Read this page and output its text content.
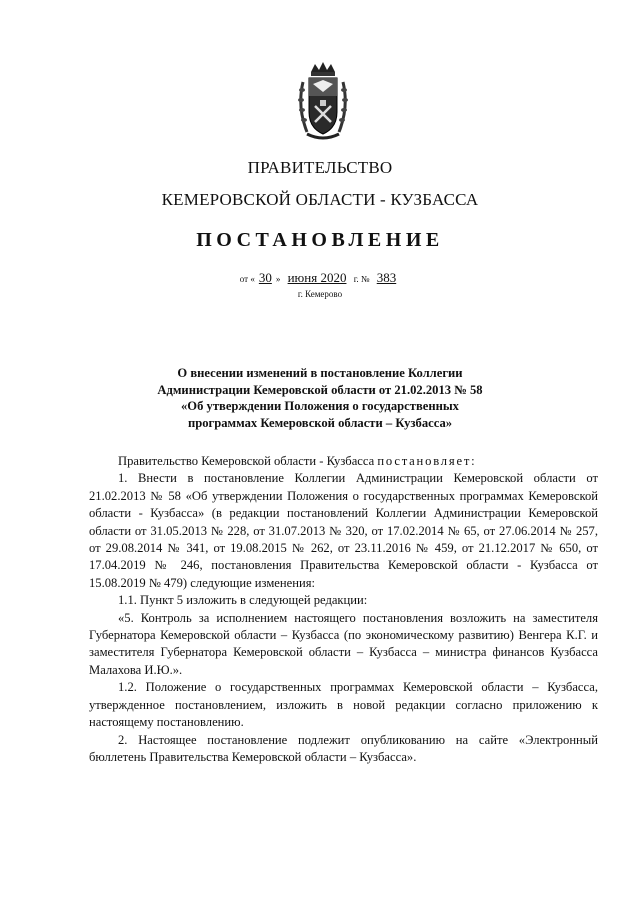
ПРАВИТЕЛЬСТВО
КЕМЕРОВСКОЙ ОБЛАСТИ - КУЗБАССА
ПОСТАНОВЛЕНИЕ
от « 30 » июня 2020 г. № 383
г. Кемерово
О внесении изменений в постановление Коллегии
Администрации Кемеровской области от 21.02.2013 № 58
«Об утверждении Положения о государственных
программах Кемеровской области – Кузбасса»

Правительство Кемеровской области - Кузбасса постановляет:

1. Внести в постановление Коллегии Администрации Кемеровской области от 21.02.2013 № 58 «Об утверждении Положения о государственных программах Кемеровской области - Кузбасса» (в редакции постановлений Коллегии Администрации Кемеровской области от 31.05.2013 № 228, от 31.07.2013 № 320, от 17.02.2014 № 65, от 27.06.2014 № 257, от 29.08.2014 № 341, от 19.08.2015 № 262, от 23.11.2016 № 459, от 21.12.2017 № 650, от 17.04.2019 № 246, постановления Правительства Кемеровской области - Кузбасса от 15.08.2019 № 479) следующие изменения:

1.1. Пункт 5 изложить в следующей редакции:

«5. Контроль за исполнением настоящего постановления возложить на заместителя Губернатора Кемеровской области – Кузбасса (по экономическому развитию) Венгера К.Г. и заместителя Губернатора Кемеровской области – Кузбасса – министра финансов Кузбасса Малахова И.Ю.».

1.2. Положение о государственных программах Кемеровской области – Кузбасса, утвержденное постановлением, изложить в новой редакции согласно приложению к настоящему постановлению.

2. Настоящее постановление подлежит опубликованию на сайте «Электронный бюллетень Правительства Кемеровской области – Кузбасса».
